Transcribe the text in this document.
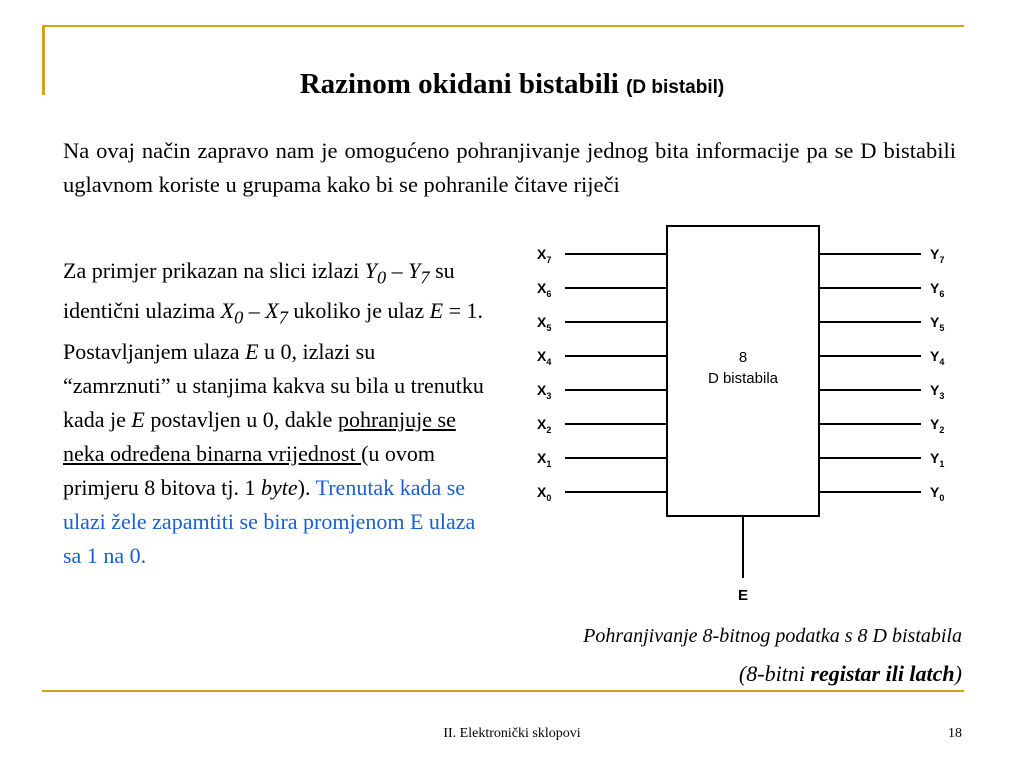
Razinom okidani bistabili (D bistabil)
Na ovaj način zapravo nam je omogućeno pohranjivanje jednog bita informacije pa se D bistabili uglavnom koriste u grupama kako bi se pohranile čitave riječi
Za primjer prikazan na slici izlazi $Y_0 - Y_7$ su identični ulazima $X_0 - X_7$ ukoliko je ulaz E = 1. Postavljanjem ulaza E u 0, izlazi su “zamrznuti” u stanjima kakva su bila u trenutku kada je E postavljen u 0, dakle pohranjuje se neka određena binarna vrijednost (u ovom primjeru 8 bitova tj. 1 byte). Trenutak kada se ulazi žele zapamtiti se bira promjenom E ulaza sa 1 na 0.
$X_7$
$X_6$
$X_5$
$X_4$
$X_3$
$X_2$
$X_1$
$X_0$
$Y_7$
$Y_6$
$Y_5$
$Y_4$
$Y_3$
$Y_2$
$Y_1$
$Y_0$
8
D bistabila
E
Pohranjivanje 8-bitnog podatka s 8 D bistabila (8-bitni registar ili latch)
II. Elektronički sklopovi	18
